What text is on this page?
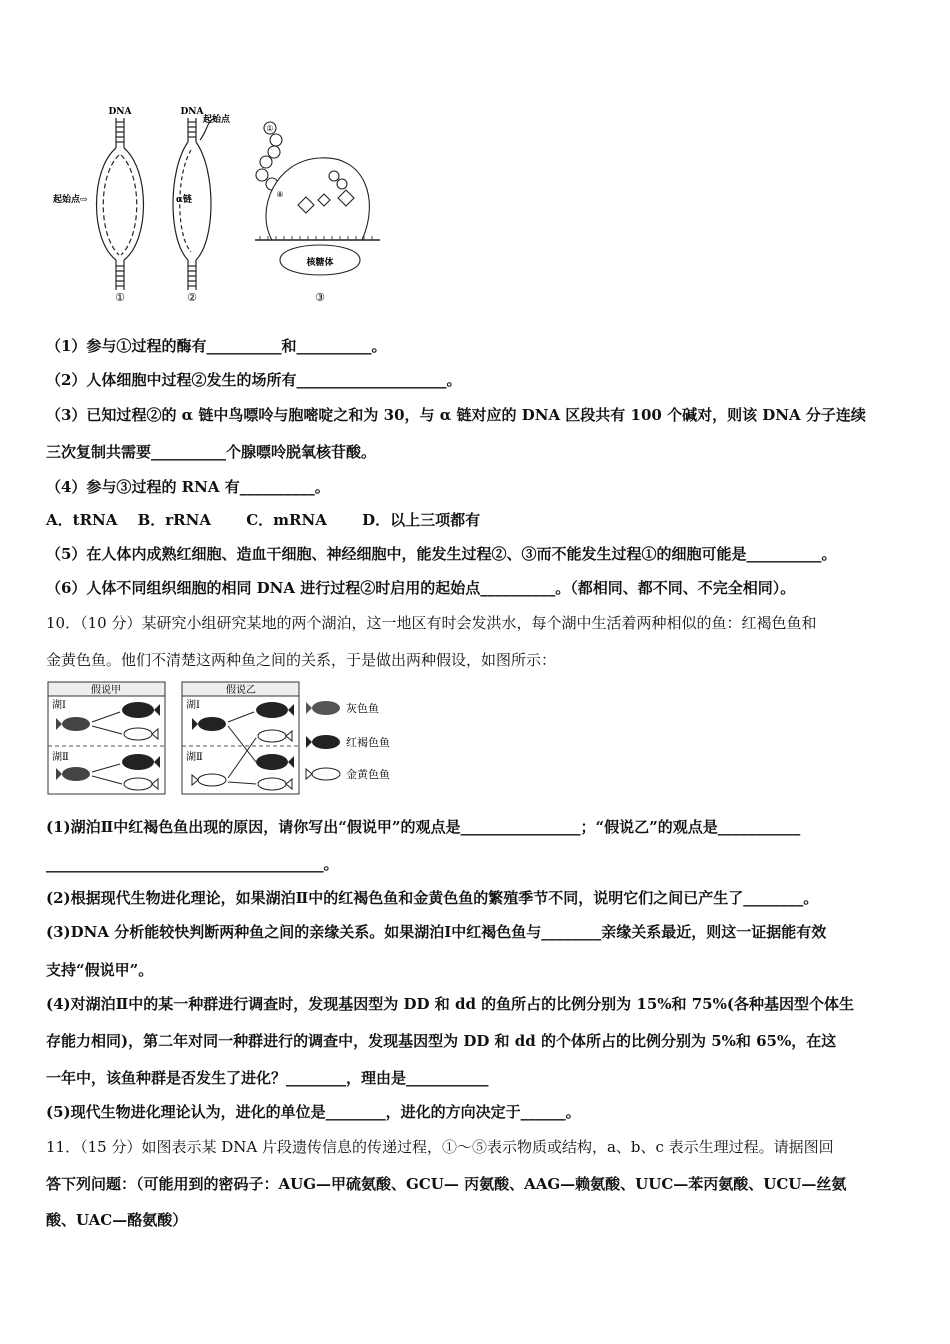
DNA
起始点⇨
①
DNA
起始点
α链
②
①
⑧
核糖体
③
（1）参与①过程的酶有__________和__________。
（2）人体细胞中过程②发生的场所有____________________。
（3）已知过程②的 α 链中鸟嘌呤与胞嘧啶之和为 30，与 α 链对应的 DNA 区段共有 100 个碱对，则该 DNA 分子连续
三次复制共需要__________个腺嘌呤脱氧核苷酸。
（4）参与③过程的 RNA 有__________。
A．tRNA　 B．rRNA　　 C．mRNA　　 D．以上三项都有
（5）在人体内成熟红细胞、造血干细胞、神经细胞中，能发生过程②、③而不能发生过程①的细胞可能是__________。
（6）人体不同组织细胞的相同 DNA 进行过程②时启用的起始点__________。（都相同、都不同、不完全相同）。
10．（10 分）某研究小组研究某地的两个湖泊，这一地区有时会发洪水，每个湖中生活着两种相似的鱼：红褐色鱼和
金黄色鱼。他们不清楚这两种鱼之间的关系，于是做出两种假设，如图所示：
假说甲	假说乙
湖Ⅰ
湖Ⅱ
湖Ⅰ
湖Ⅱ
灰色鱼
红褐色鱼
金黄色鱼
(1)湖泊Ⅱ中红褐色鱼出现的原因，请你写出“假说甲”的观点是________________；“假说乙”的观点是___________
_____________________________________。
(2)根据现代生物进化理论，如果湖泊Ⅱ中的红褐色鱼和金黄色鱼的繁殖季节不同，说明它们之间已产生了________。
(3)DNA 分析能较快判断两种鱼之间的亲缘关系。如果湖泊Ⅰ中红褐色鱼与________亲缘关系最近，则这一证据能有效
支持“假说甲”。
(4)对湖泊Ⅱ中的某一种群进行调查时，发现基因型为 DD 和 dd 的鱼所占的比例分别为 15%和 75%(各种基因型个体生
存能力相同)，第二年对同一种群进行的调查中，发现基因型为 DD 和 dd 的个体所占的比例分别为 5%和 65%，在这
一年中，该鱼种群是否发生了进化？________，理由是___________
(5)现代生物进化理论认为，进化的单位是________，进化的方向决定于______。
11．（15 分）如图表示某 DNA 片段遗传信息的传递过程，①～⑤表示物质或结构，a、b、c 表示生理过程。请据图回
答下列问题：（可能用到的密码子：AUG—甲硫氨酸、GCU— 丙氨酸、AAG—赖氨酸、UUC—苯丙氨酸、UCU—丝氨
酸、UAC—酪氨酸）
